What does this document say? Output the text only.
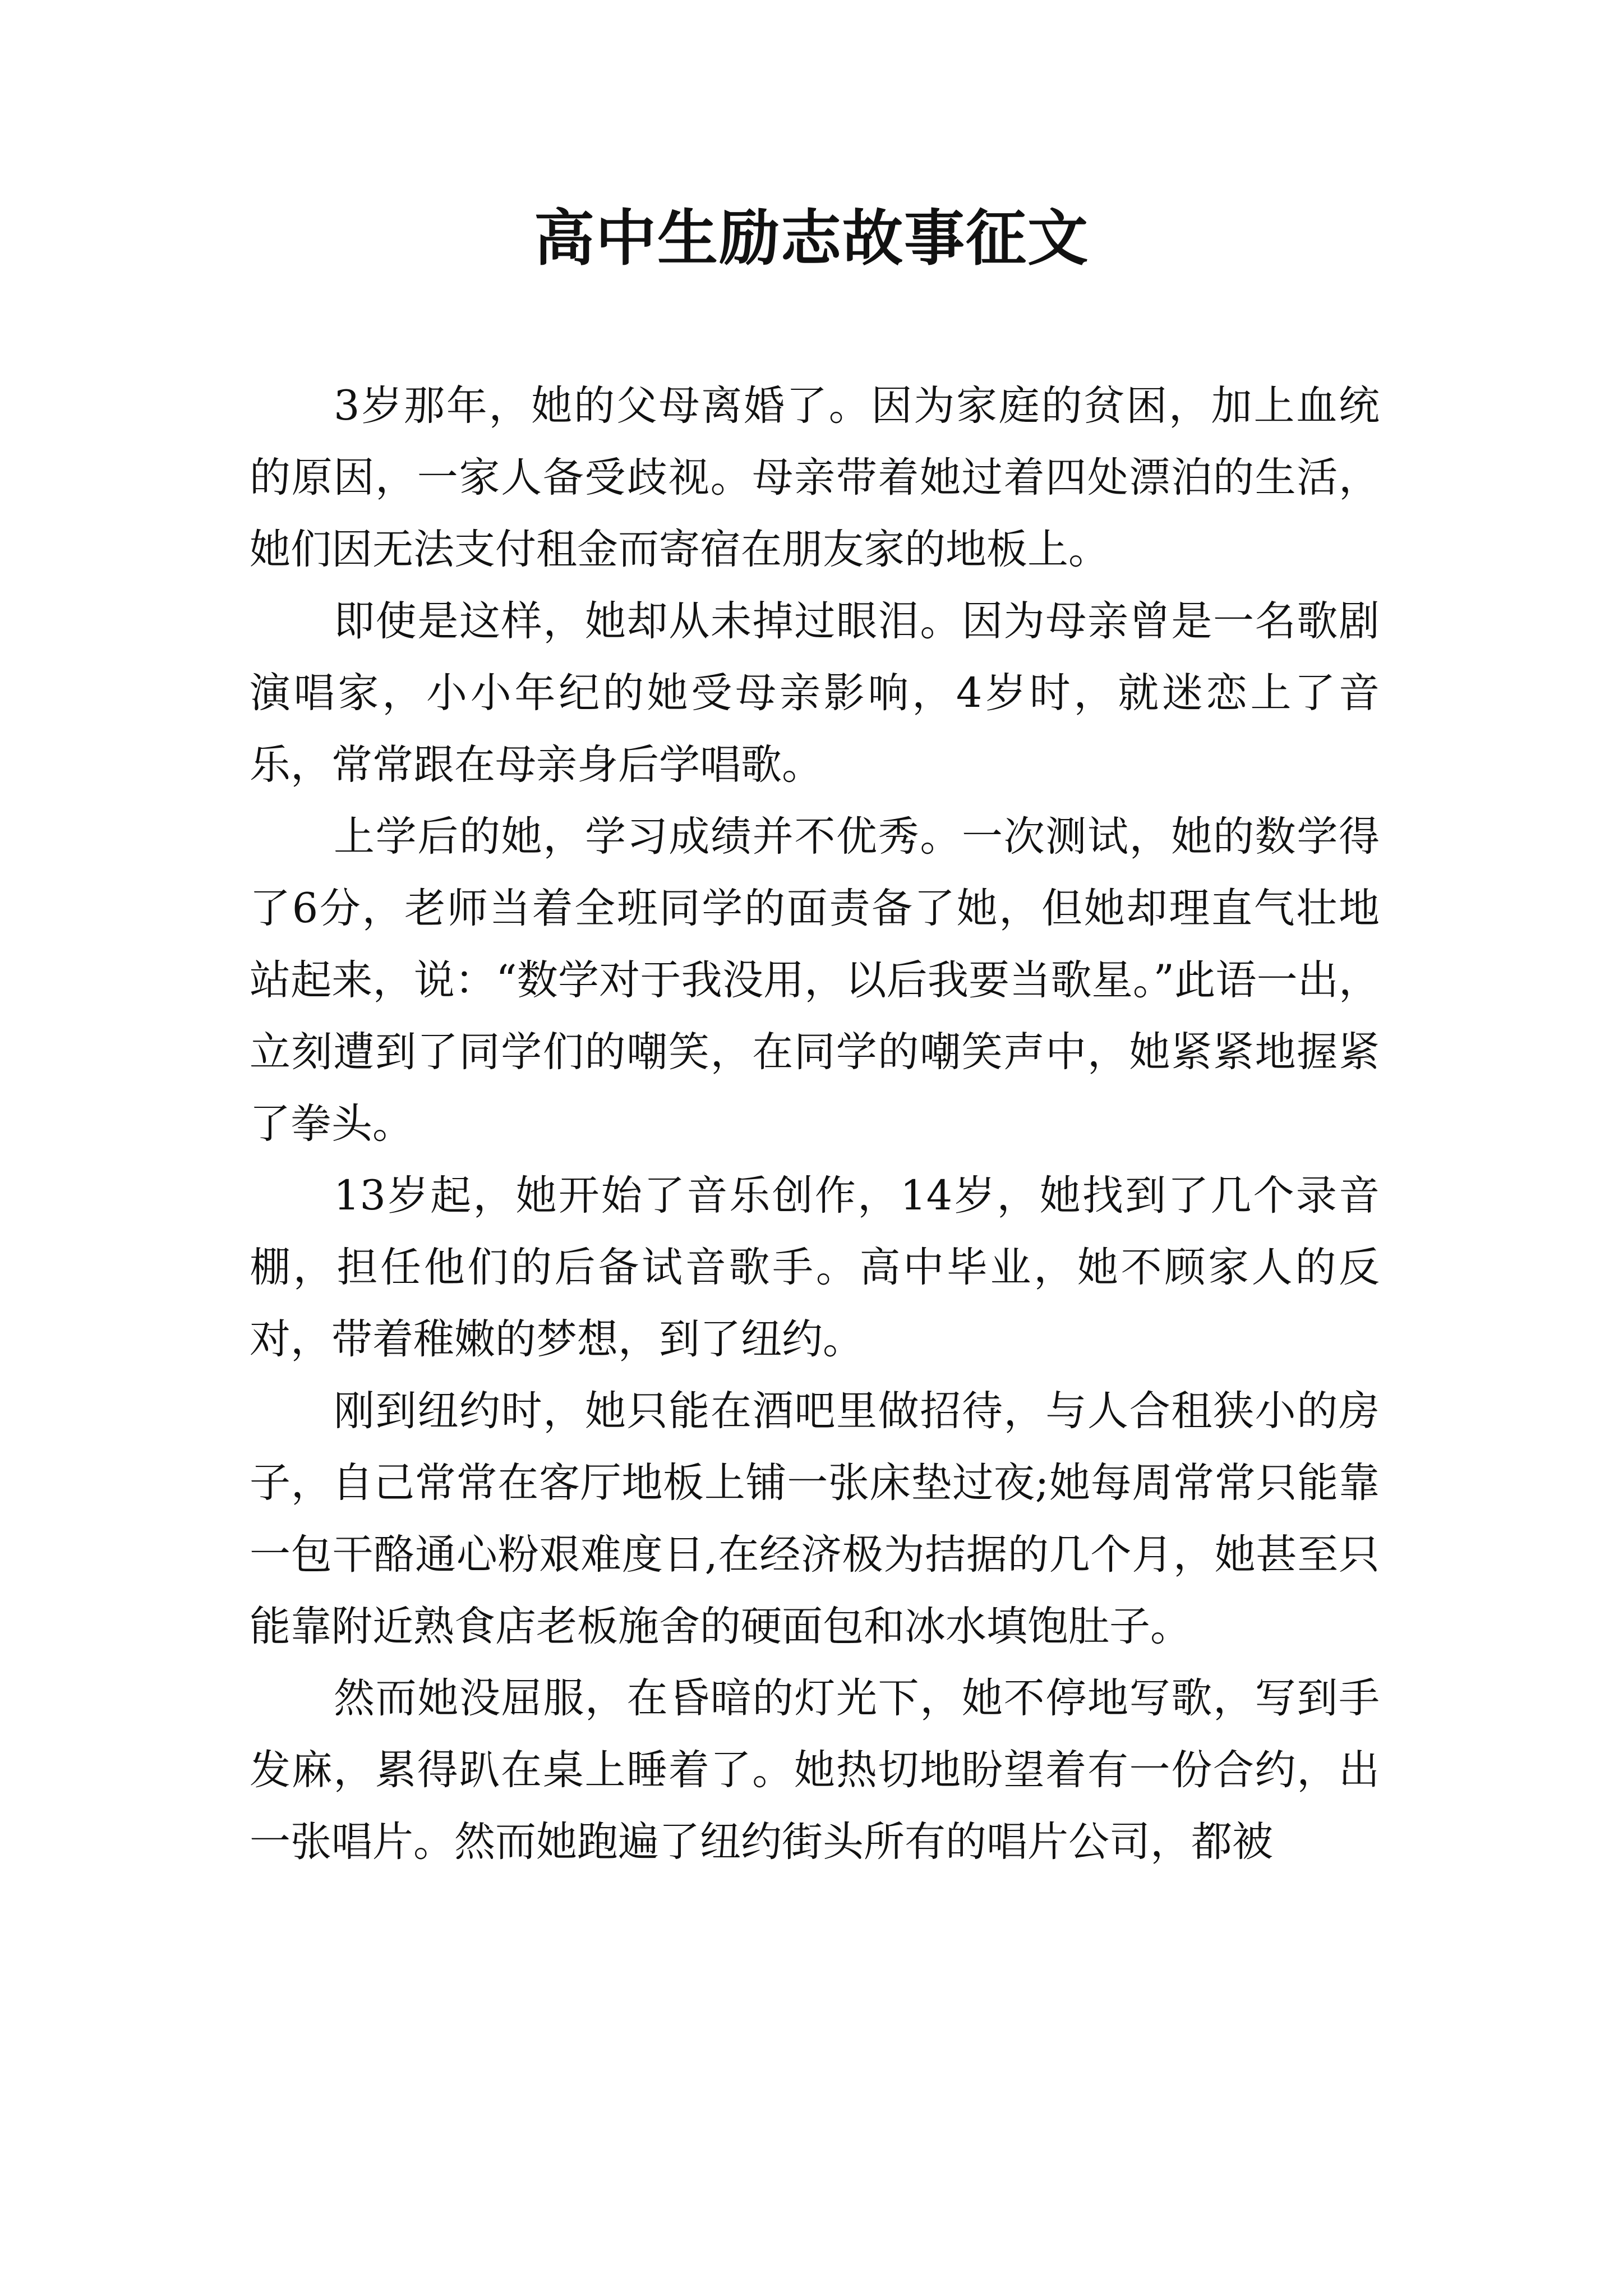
高中生励志故事征文

3岁那年，她的父母离婚了。因为家庭的贫困，加上血统的原因，一家人备受歧视。母亲带着她过着四处漂泊的生活，她们因无法支付租金而寄宿在朋友家的地板上。

即使是这样，她却从未掉过眼泪。因为母亲曾是一名歌剧演唱家，小小年纪的她受母亲影响，4岁时，就迷恋上了音乐，常常跟在母亲身后学唱歌。

上学后的她，学习成绩并不优秀。一次测试，她的数学得了6分，老师当着全班同学的面责备了她，但她却理直气壮地站起来，说：“数学对于我没用，以后我要当歌星。”此语一出，立刻遭到了同学们的嘲笑，在同学的嘲笑声中，她紧紧地握紧了拳头。

13岁起，她开始了音乐创作，14岁，她找到了几个录音棚，担任他们的后备试音歌手。高中毕业，她不顾家人的反对，带着稚嫩的梦想，到了纽约。

刚到纽约时，她只能在酒吧里做招待，与人合租狭小的房子，自己常常在客厅地板上铺一张床垫过夜;她每周常常只能靠一包干酪通心粉艰难度日,在经济极为拮据的几个月，她甚至只能靠附近熟食店老板施舍的硬面包和冰水填饱肚子。

然而她没屈服，在昏暗的灯光下，她不停地写歌，写到手发麻，累得趴在桌上睡着了。她热切地盼望着有一份合约，出一张唱片。然而她跑遍了纽约街头所有的唱片公司，都被
